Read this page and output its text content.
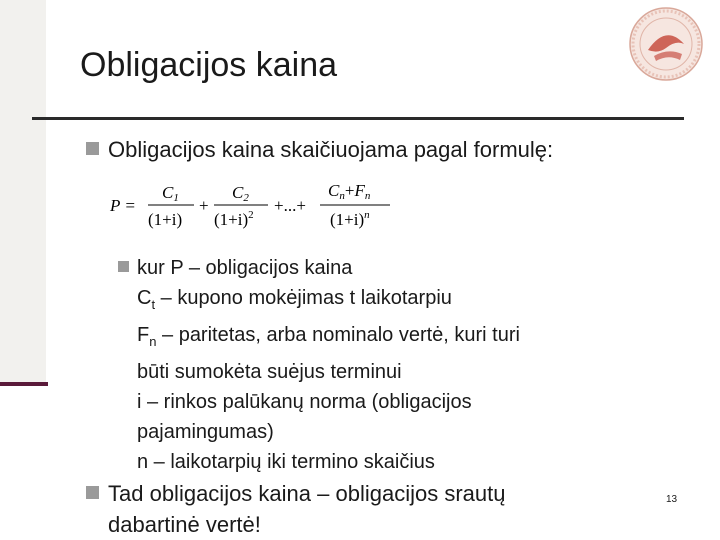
Obligacijos kaina
Obligacijos kaina skaičiuojama pagal formulę:
P =
C1
(1+i)
+
C2
$(1+i)^2$ +...+
Cn+Fn
$(1+i)^n$
kur P – obligacijos kaina
$C_t$ – kupono mokėjimas t laikotarpiu
$F_n$ – paritetas, arba nominalo vertė, kuri turi
būti sumokėta suėjus terminui
i – rinkos palūkanų norma (obligacijos
pajamingumas)
n – laikotarpių iki termino skaičius
Tad obligacijos kaina – obligacijos srautų
dabartinė vertė!
13
